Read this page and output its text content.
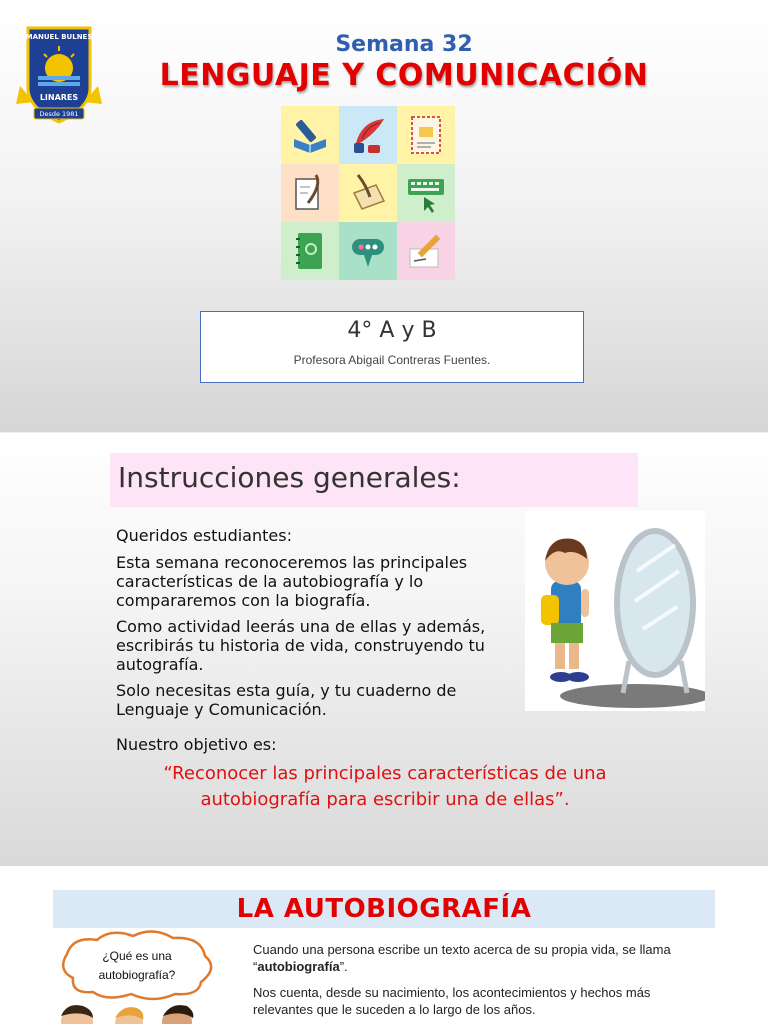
MANUEL BULNES
LINARES
Desde 1981
Semana 32
LENGUAJE Y COMUNICACIÓN
4° A y B
Profesora Abigail Contreras Fuentes.
Instrucciones generales:
Queridos estudiantes:
Esta semana reconoceremos las principales características de la autobiografía y lo compararemos con la biografía.
Como actividad leerás una de ellas y además, escribirás tu historia de vida, construyendo tu autografía.
Solo necesitas esta guía, y tu cuaderno de Lenguaje y Comunicación.
Nuestro objetivo es:
“Reconocer las principales características de una
autobiografía para escribir una de ellas”.
LA AUTOBIOGRAFÍA
¿Qué es una
autobiografía?
Cuando una persona escribe un texto acerca de su propia vida, se llama “autobiografía”.
Nos cuenta, desde su nacimiento, los acontecimientos y hechos más relevantes que le suceden a lo largo de los años.
